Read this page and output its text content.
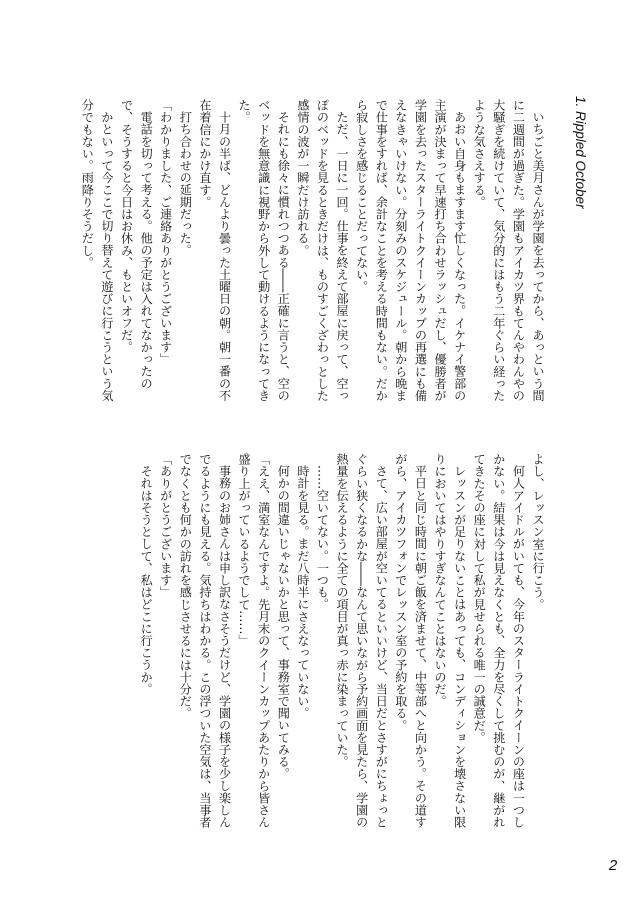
1. Rippled October

いちごと美月さんが学園を去ってから、あっという間に二週間が過ぎた。学園もアイカツ界もてんやわんやの大騒ぎを続けていて、気分的にはもう二年ぐらい経ったような気さえする。

あおい自身もますます忙しくなった。イケナイ警部の主演が決まって早速打ち合わせラッシュだし、優勝者が学園を去ったスターライトクイーンカップの再選にも備えなきゃいけない。分刻みのスケジュール。朝から晩まで仕事をすれば、余計なことを考える時間もない。だから寂しさを感じることだってない。

ただ、一日に一回。仕事を終えて部屋に戻って、空っぽのベッドを見るときだけは、ものすごくざわっとした感情の波が一瞬だけ訪れる。

それにも徐々に慣れつつある――正確に言うと、空のベッドを無意識に視野から外して動けるようになってきた。

十月の半ば、どんより曇った土曜日の朝。朝一番の不在着信にかけ直す。

打ち合わせの延期だった。

「わかりました、ご連絡ありがとうございます」

電話を切って考える。他の予定は入れてなかったので、そうすると今日はお休み、もといオフだ。

かといって今ここで切り替えて遊びに行こうという気分でもない。雨降りそうだし。

よし、レッスン室に行こう。

何人アイドルがいても、今年のスターライトクイーンの座は一つしかない。結果は今は見えなくとも、全力を尽くして挑むのが、継がれてきたその座に対して私が見せられる唯一の誠意だ。

レッスンが足りないことはあっても、コンディションを壊さない限りにおいてはやりすぎなんてことはないのだ。

平日と同じ時間に朝ご飯を済ませて、中等部へと向かう。その道すがら、アイカツフォンでレッスン室の予約を取る。

さて、広い部屋が空いてるといいけど、当日だとさすがにちょっとぐらい狭くなるかな――なんて思いながら予約画面を見たら、学園の熱量を伝えるように全ての項目が真っ赤に染まっていた。

……空いてない。一つも。

時計を見る。まだ八時半にさえなっていない。

何かの間違いじゃないかと思って、事務室で聞いてみる。

「ええ、満室なんですよ。先月末のクイーンカップあたりから皆さん盛り上がっているようでして……」

事務のお姉さんは申し訳なさそうだけど、学園の様子を少し楽しんでるようにも見える。気持ちはわかる。この浮ついた空気は、当事者でなくとも何かの訪れを感じさせるには十分だ。

「ありがとうございます」

それはそうとして、私はどこに行こうか。

2
